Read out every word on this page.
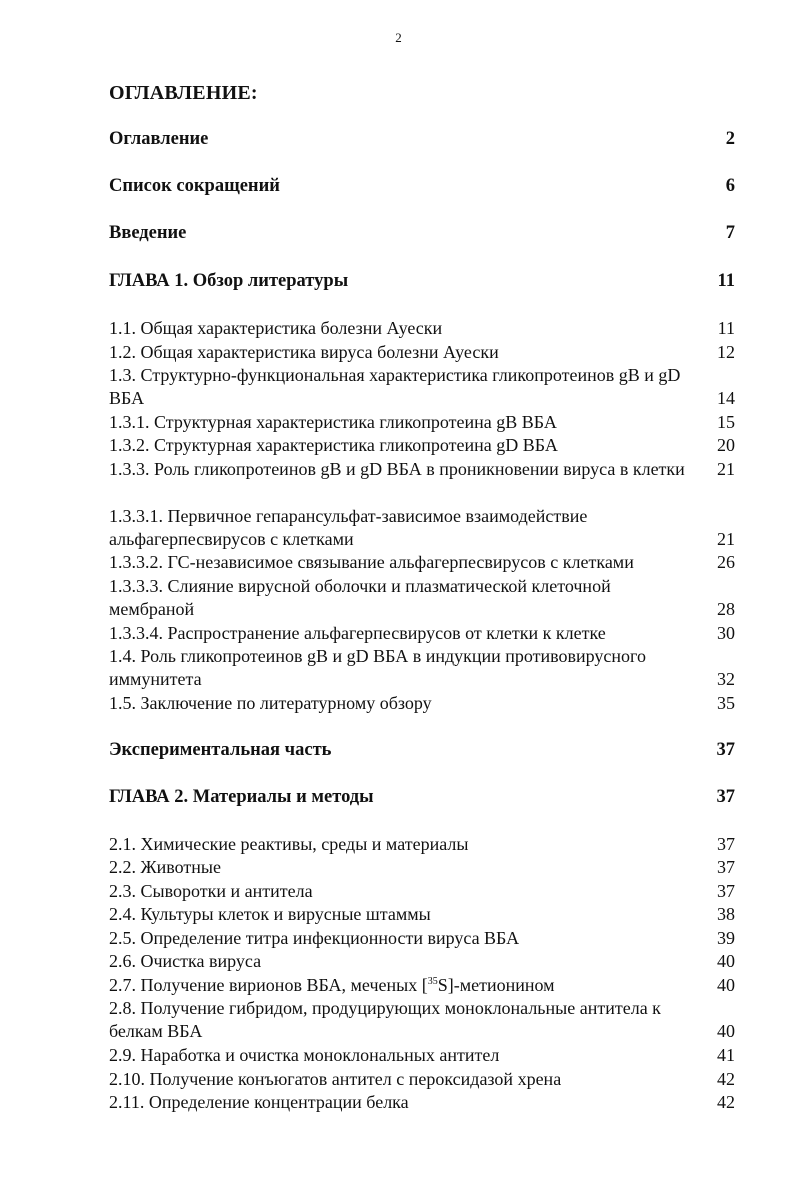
2
ОГЛАВЛЕНИЕ:
Оглавление	2
Список сокращений	6
Введение	7
ГЛАВА 1. Обзор литературы	11
1.1. Общая характеристика болезни Ауески	11
1.2. Общая характеристика вируса болезни Ауески	12
1.3. Структурно-функциональная характеристика гликопротеинов gB и gD ВБА	14
1.3.1. Структурная характеристика гликопротеина gB ВБА	15
1.3.2. Структурная характеристика гликопротеина gD ВБА	20
1.3.3. Роль гликопротеинов gB и gD ВБА в проникновении вируса в клетки 21
1.3.3.1. Первичное гепарансульфат-зависимое взаимодействие альфагерпесвирусов с клетками	21
1.3.3.2. ГС-независимое связывание альфагерпесвирусов с клетками	26
1.3.3.3. Слияние вирусной оболочки и плазматической клеточной мембраной	28
1.3.3.4. Распространение альфагерпесвирусов от клетки к клетке	30
1.4. Роль гликопротеинов gB и gD ВБА в индукции противовирусного иммунитета	32
1.5. Заключение по литературному обзору	35
Экспериментальная часть	37
ГЛАВА 2. Материалы и методы	37
2.1. Химические реактивы, среды и материалы	37
2.2. Животные	37
2.3. Сыворотки и антитела	37
2.4. Культуры клеток и вирусные штаммы	38
2.5. Определение титра инфекционности вируса ВБА	39
2.6. Очистка вируса	40
2.7. Получение вирионов ВБА, меченых [$^{35}$S]-метионином	40
2.8. Получение гибридом, продуцирующих моноклональные антитела к белкам ВБА	40
2.9. Наработка и очистка моноклональных антител	41
2.10. Получение конъюгатов антител с пероксидазой хрена	42
2.11. Определение концентрации белка	42
